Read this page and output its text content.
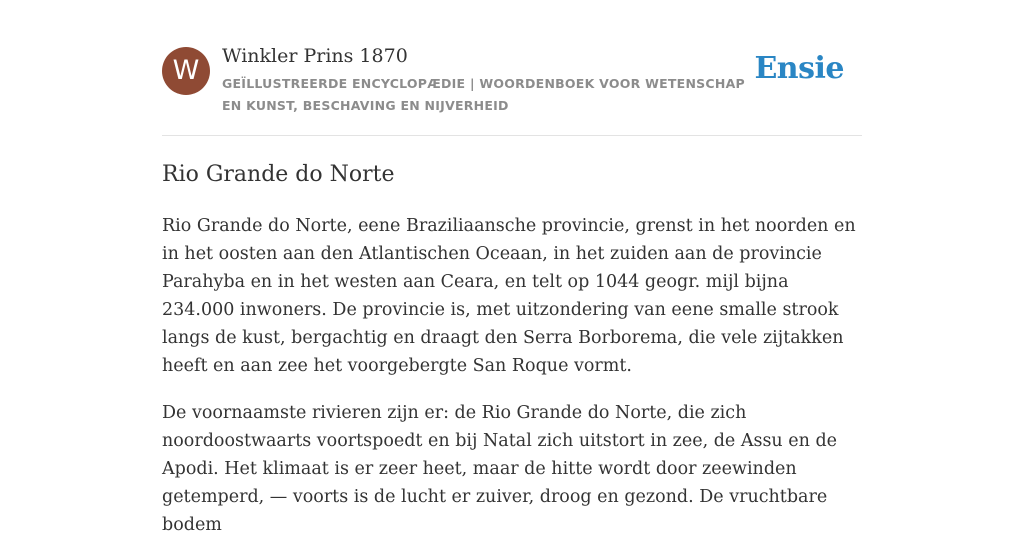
W	Winkler Prins 1870
GEÏLLUSTREERDE ENCYCLOPÆDIE | WOORDENBOEK VOOR WETENSCHAP EN KUNST, BESCHAVING EN NIJVERHEID
Ensie
Rio Grande do Norte

Rio Grande do Norte, eene Braziliaansche provincie, grenst in het noorden en in het oosten aan den Atlantischen Oceaan, in het zuiden aan de provincie Parahyba en in het westen aan Ceara, en telt op 1044 geogr. mijl bijna 234.000 inwoners. De provincie is, met uitzondering van eene smalle strook langs de kust, bergachtig en draagt den Serra Borborema, die vele zijtakken heeft en aan zee het voorgebergte San Roque vormt.

De voornaamste rivieren zijn er: de Rio Grande do Norte, die zich noordoostwaarts voortspoedt en bij Natal zich uitstort in zee, de Assu en de Apodi. Het klimaat is er zeer heet, maar de hitte wordt door zeewinden getemperd, — voorts is de lucht er zuiver, droog en gezond. De vruchtbare bodem
